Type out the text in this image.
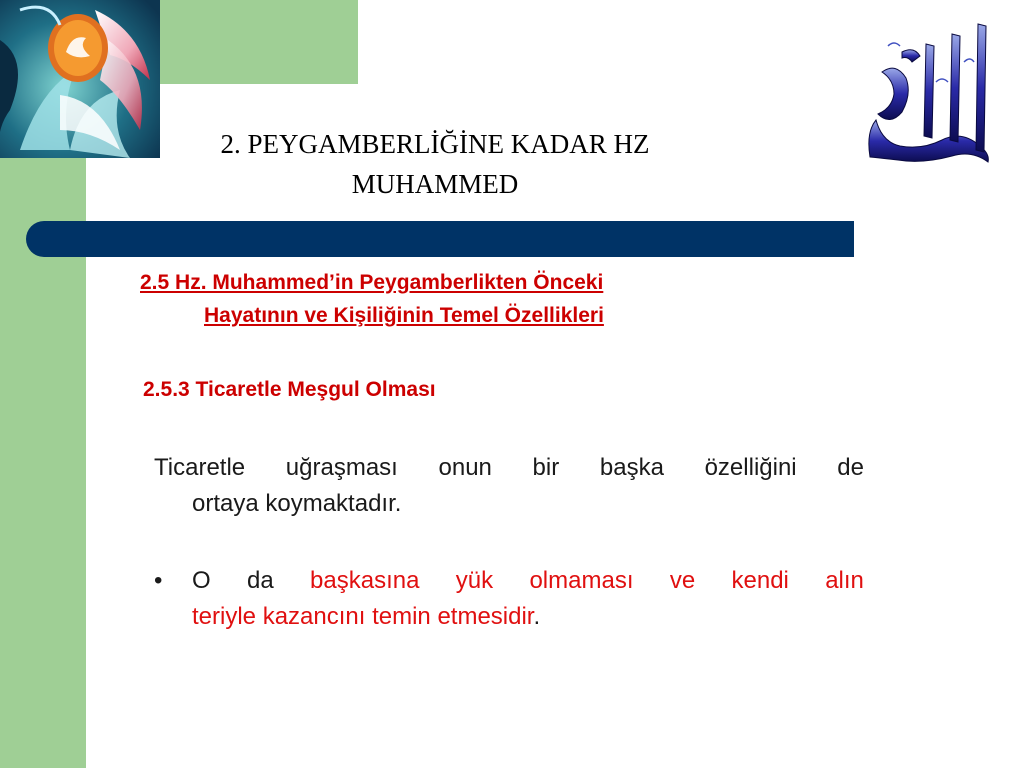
2. PEYGAMBERLİĞİNE KADAR HZ
MUHAMMED
2.5 Hz. Muhammed’in Peygamberlikten Önceki
Hayatının ve Kişiliğinin Temel Özellikleri
2.5.3 Ticaretle Meşgul Olması
Ticaretle uğraşması onun bir başka özelliğini de
ortaya koymaktadır.
•	O da başkasına yük olmaması ve kendi alın
teriyle kazancını temin etmesidir.
